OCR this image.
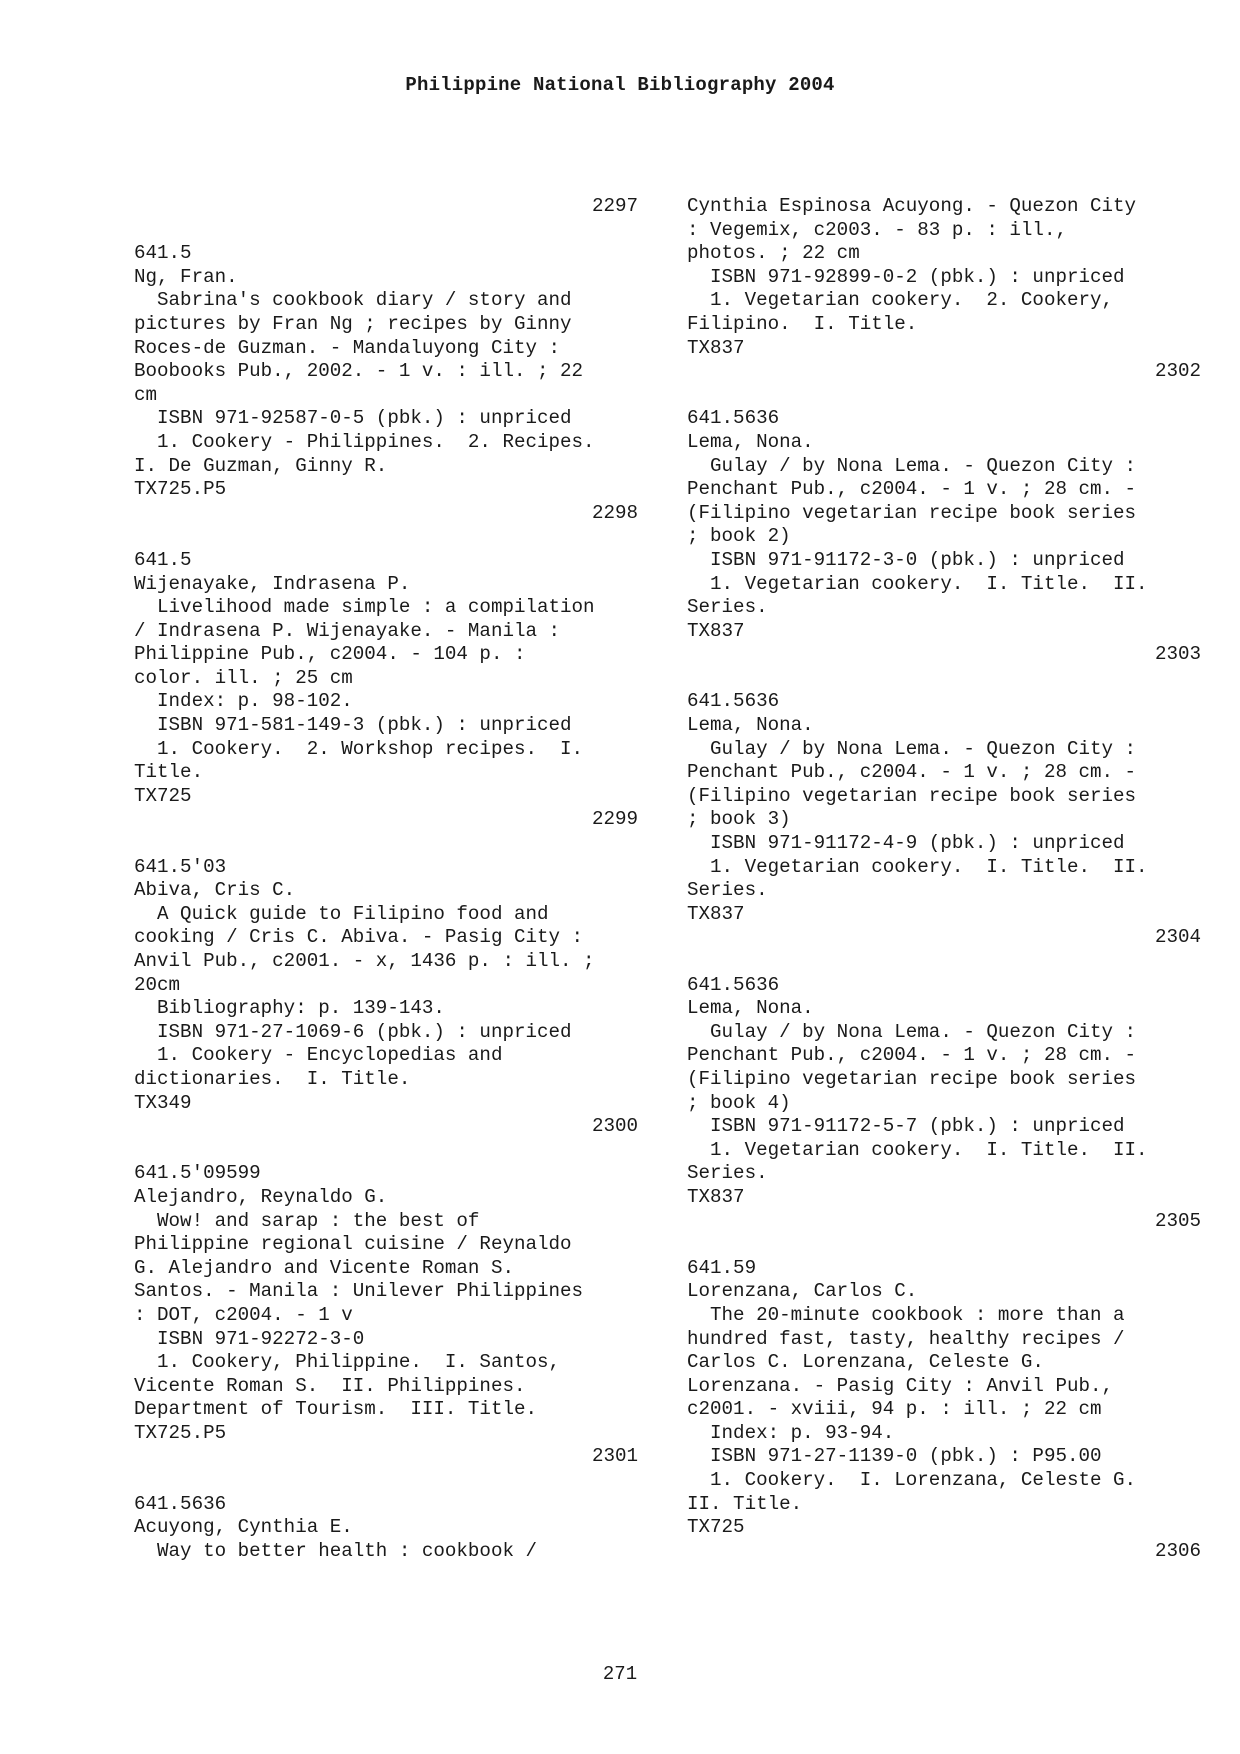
Philippine National Bibliography 2004
2297
641.5
Ng, Fran.
Sabrina's cookbook diary / story and
pictures by Fran Ng ; recipes by Ginny
Roces-de Guzman. - Mandaluyong City :
Boobooks Pub., 2002. - 1 v. : ill. ; 22
cm
ISBN 971-92587-0-5 (pbk.) : unpriced
1. Cookery - Philippines.  2. Recipes.
I. De Guzman, Ginny R.
TX725.P5
2298
641.5
Wijenayake, Indrasena P.
Livelihood made simple : a compilation
/ Indrasena P. Wijenayake. - Manila :
Philippine Pub., c2004. - 104 p. :
color. ill. ; 25 cm
Index: p. 98-102.
ISBN 971-581-149-3 (pbk.) : unpriced
1. Cookery.  2. Workshop recipes.  I.
Title.
TX725
2299
641.5'03
Abiva, Cris C.
A Quick guide to Filipino food and
cooking / Cris C. Abiva. - Pasig City :
Anvil Pub., c2001. - x, 1436 p. : ill. ;
20cm
Bibliography: p. 139-143.
ISBN 971-27-1069-6 (pbk.) : unpriced
1. Cookery - Encyclopedias and
dictionaries.  I. Title.
TX349
2300
641.5'09599
Alejandro, Reynaldo G.
Wow! and sarap : the best of
Philippine regional cuisine / Reynaldo
G. Alejandro and Vicente Roman S.
Santos. - Manila : Unilever Philippines
: DOT, c2004. - 1 v
ISBN 971-92272-3-0
1. Cookery, Philippine.  I. Santos,
Vicente Roman S.  II. Philippines.
Department of Tourism.  III. Title.
TX725.P5
2301
641.5636
Acuyong, Cynthia E.
Way to better health : cookbook /
Cynthia Espinosa Acuyong. - Quezon City
: Vegemix, c2003. - 83 p. : ill.,
photos. ; 22 cm
ISBN 971-92899-0-2 (pbk.) : unpriced
1. Vegetarian cookery.  2. Cookery,
Filipino.  I. Title.
TX837
2302
641.5636
Lema, Nona.
Gulay / by Nona Lema. - Quezon City :
Penchant Pub., c2004. - 1 v. ; 28 cm. -
(Filipino vegetarian recipe book series
; book 2)
ISBN 971-91172-3-0 (pbk.) : unpriced
1. Vegetarian cookery.  I. Title.  II.
Series.
TX837
2303
641.5636
Lema, Nona.
Gulay / by Nona Lema. - Quezon City :
Penchant Pub., c2004. - 1 v. ; 28 cm. -
(Filipino vegetarian recipe book series
; book 3)
ISBN 971-91172-4-9 (pbk.) : unpriced
1. Vegetarian cookery.  I. Title.  II.
Series.
TX837
2304
641.5636
Lema, Nona.
Gulay / by Nona Lema. - Quezon City :
Penchant Pub., c2004. - 1 v. ; 28 cm. -
(Filipino vegetarian recipe book series
; book 4)
ISBN 971-91172-5-7 (pbk.) : unpriced
1. Vegetarian cookery.  I. Title.  II.
Series.
TX837
2305
641.59
Lorenzana, Carlos C.
The 20-minute cookbook : more than a
hundred fast, tasty, healthy recipes /
Carlos C. Lorenzana, Celeste G.
Lorenzana. - Pasig City : Anvil Pub.,
c2001. - xviii, 94 p. : ill. ; 22 cm
Index: p. 93-94.
ISBN 971-27-1139-0 (pbk.) : P95.00
1. Cookery.  I. Lorenzana, Celeste G.
II. Title.
TX725
2306
271
